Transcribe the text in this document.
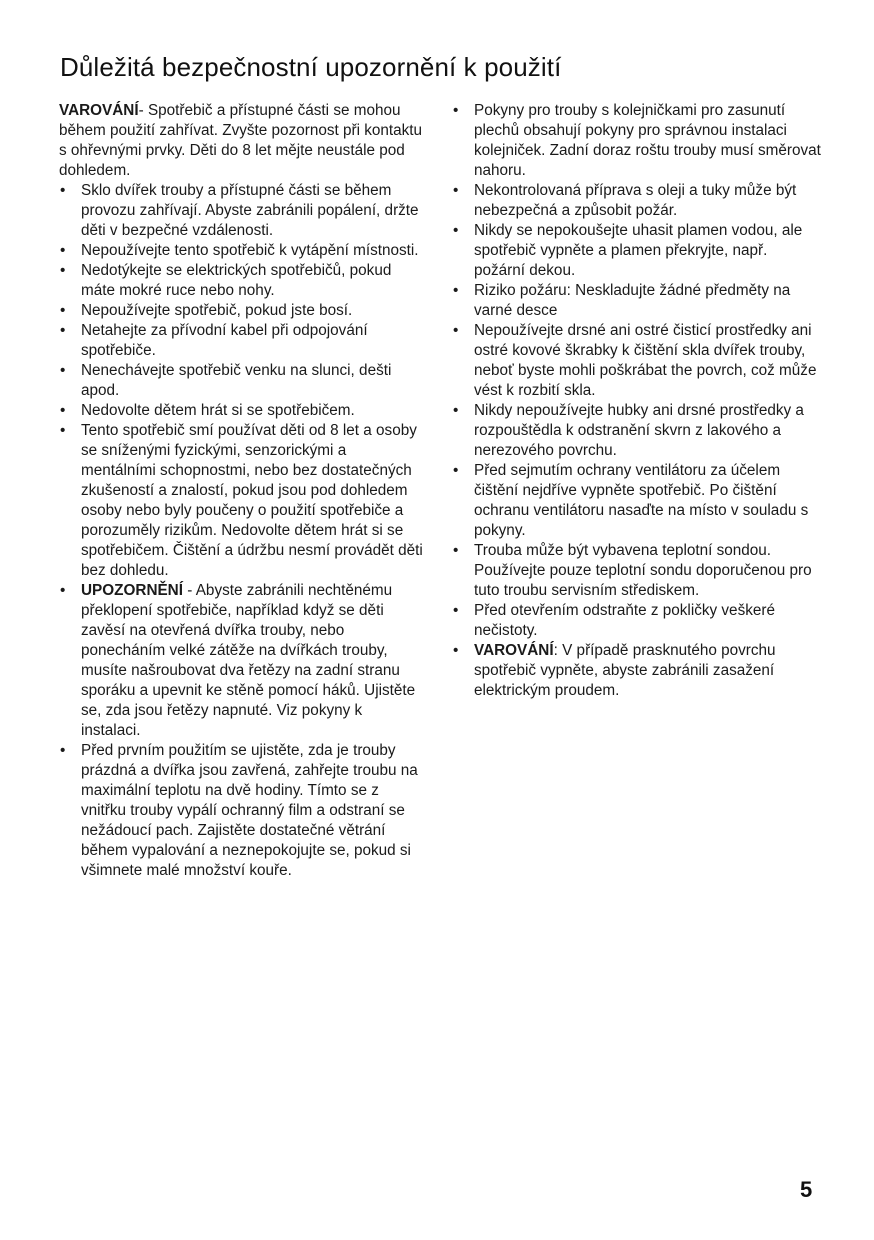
Důležitá bezpečnostní upozornění k použití

VAROVÁNÍ- Spotřebič a přístupné části se mohou během použití zahřívat. Zvyšte pozornost při kontaktu s ohřevnými prvky. Děti do 8 let mějte neustále pod dohledem.

• Sklo dvířek trouby a přístupné části se během provozu zahřívají. Abyste zabránili popálení, držte děti v bezpečné vzdálenosti.
• Nepoužívejte tento spotřebič k vytápění místnosti.
• Nedotýkejte se elektrických spotřebičů, pokud máte mokré ruce nebo nohy.
• Nepoužívejte spotřebič, pokud jste bosí.
• Netahejte za přívodní kabel při odpojování spotřebiče.
• Nenechávejte spotřebič venku na slunci, dešti apod.
• Nedovolte dětem hrát si se spotřebičem.
• Tento spotřebič smí používat děti od 8 let a osoby se sníženými fyzickými, senzorickými a mentálními schopnostmi, nebo bez dostatečných zkušeností a znalostí, pokud jsou pod dohledem osoby nebo byly poučeny o použití spotřebiče a porozuměly rizikům. Nedovolte dětem hrát si se spotřebičem. Čištění a údržbu nesmí provádět děti bez dohledu.
• UPOZORNĚNÍ - Abyste zabránili nechtěnému překlopení spotřebiče, například když se děti zavěsí na otevřená dvířka trouby, nebo ponecháním velké zátěže na dvířkách trouby, musíte našroubovat dva řetězy na zadní stranu sporáku a upevnit ke stěně pomocí háků. Ujistěte se, zda jsou řetězy napnuté. Viz pokyny k instalaci.
• Před prvním použitím se ujistěte, zda je trouby prázdná a dvířka jsou zavřená, zahřejte troubu na maximální teplotu na dvě hodiny. Tímto se z vnitřku trouby vypálí ochranný film a odstraní se nežádoucí pach. Zajistěte dostatečné větrání během vypalování a neznepokojujte se, pokud si všimnete malé množství kouře.
• Pokyny pro trouby s kolejničkami pro zasunutí plechů obsahují pokyny pro správnou instalaci kolejniček. Zadní doraz roštu trouby musí směrovat nahoru.
• Nekontrolovaná příprava s oleji a tuky může být nebezpečná a způsobit požár.
• Nikdy se nepokoušejte uhasit plamen vodou, ale spotřebič vypněte a plamen překryjte, např. požární dekou.
• Riziko požáru: Neskladujte žádné předměty na varné desce
• Nepoužívejte drsné ani ostré čisticí prostředky ani ostré kovové škrabky k čištění skla dvířek trouby, neboť byste mohli poškrábat the povrch, což může vést k rozbití skla.
• Nikdy nepoužívejte hubky ani drsné prostředky a rozpouštědla k odstranění skvrn z lakového a nerezového povrchu.
• Před sejmutím ochrany ventilátoru za účelem čištění nejdříve vypněte spotřebič. Po čištění ochranu ventilátoru nasaďte na místo v souladu s pokyny.
• Trouba může být vybavena teplotní sondou. Používejte pouze teplotní sondu doporučenou pro tuto troubu servisním střediskem.
• Před otevřením odstraňte z pokličky veškeré nečistoty.
• VAROVÁNÍ: V případě prasknutého povrchu spotřebič vypněte, abyste zabránili zasažení elektrickým proudem.
5
